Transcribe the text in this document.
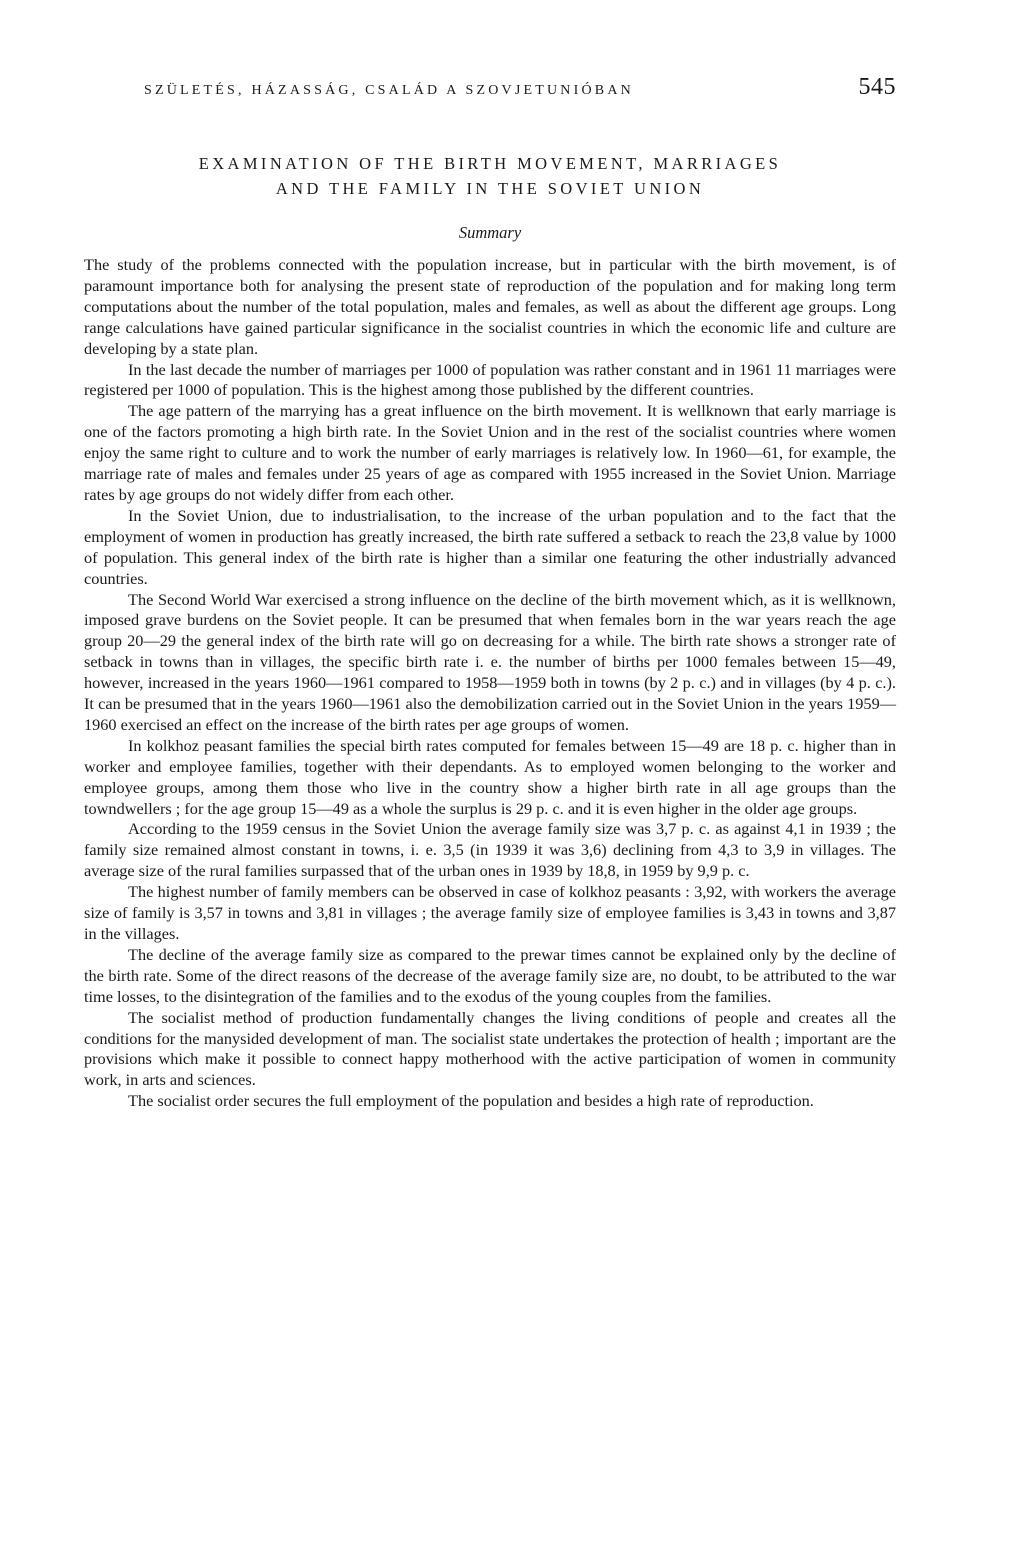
SZÜLETÉS, HÁZASSÁG, CSALÁD A SZOVJETUNIÓBAN	545
EXAMINATION OF THE BIRTH MOVEMENT, MARRIAGES
AND THE FAMILY IN THE SOVIET UNION
Summary

The study of the problems connected with the population increase, but in particular with the birth movement, is of paramount importance both for analysing the present state of reproduction of the population and for making long term computations about the number of the total population, males and females, as well as about the different age groups. Long range calculations have gained particular significance in the socialist countries in which the economic life and culture are developing by a state plan.

In the last decade the number of marriages per 1000 of population was rather constant and in 1961 11 marriages were registered per 1000 of population. This is the highest among those published by the different countries.

The age pattern of the marrying has a great influence on the birth movement. It is wellknown that early marriage is one of the factors promoting a high birth rate. In the Soviet Union and in the rest of the socialist countries where women enjoy the same right to culture and to work the number of early marriages is relatively low. In 1960—61, for example, the marriage rate of males and females under 25 years of age as compared with 1955 increased in the Soviet Union. Marriage rates by age groups do not widely differ from each other.

In the Soviet Union, due to industrialisation, to the increase of the urban population and to the fact that the employment of women in production has greatly increased, the birth rate suffered a setback to reach the 23,8 value by 1000 of population. This general index of the birth rate is higher than a similar one featuring the other industrially advanced countries.

The Second World War exercised a strong influence on the decline of the birth movement which, as it is wellknown, imposed grave burdens on the Soviet people. It can be presumed that when females born in the war years reach the age group 20—29 the general index of the birth rate will go on decreasing for a while. The birth rate shows a stronger rate of setback in towns than in villages, the specific birth rate i. e. the number of births per 1000 females between 15—49, however, increased in the years 1960—1961 compared to 1958—1959 both in towns (by 2 p. c.) and in villages (by 4 p. c.). It can be presumed that in the years 1960—1961 also the demobilization carried out in the Soviet Union in the years 1959—1960 exercised an effect on the increase of the birth rates per age groups of women.

In kolkhoz peasant families the special birth rates computed for females between 15—49 are 18 p. c. higher than in worker and employee families, together with their dependants. As to employed women belonging to the worker and employee groups, among them those who live in the country show a higher birth rate in all age groups than the towndwellers ; for the age group 15—49 as a whole the surplus is 29 p. c. and it is even higher in the older age groups.

According to the 1959 census in the Soviet Union the average family size was 3,7 p. c. as against 4,1 in 1939 ; the family size remained almost constant in towns, i. e. 3,5 (in 1939 it was 3,6) declining from 4,3 to 3,9 in villages. The average size of the rural families surpassed that of the urban ones in 1939 by 18,8, in 1959 by 9,9 p. c.

The highest number of family members can be observed in case of kolkhoz peasants : 3,92, with workers the average size of family is 3,57 in towns and 3,81 in villages ; the average family size of employee families is 3,43 in towns and 3,87 in the villages.

The decline of the average family size as compared to the prewar times cannot be explained only by the decline of the birth rate. Some of the direct reasons of the decrease of the average family size are, no doubt, to be attributed to the war time losses, to the disintegration of the families and to the exodus of the young couples from the families.

The socialist method of production fundamentally changes the living conditions of people and creates all the conditions for the manysided development of man. The socialist state undertakes the protection of health ; important are the provisions which make it possible to connect happy motherhood with the active participation of women in community work, in arts and sciences.

The socialist order secures the full employment of the population and besides a high rate of reproduction.
